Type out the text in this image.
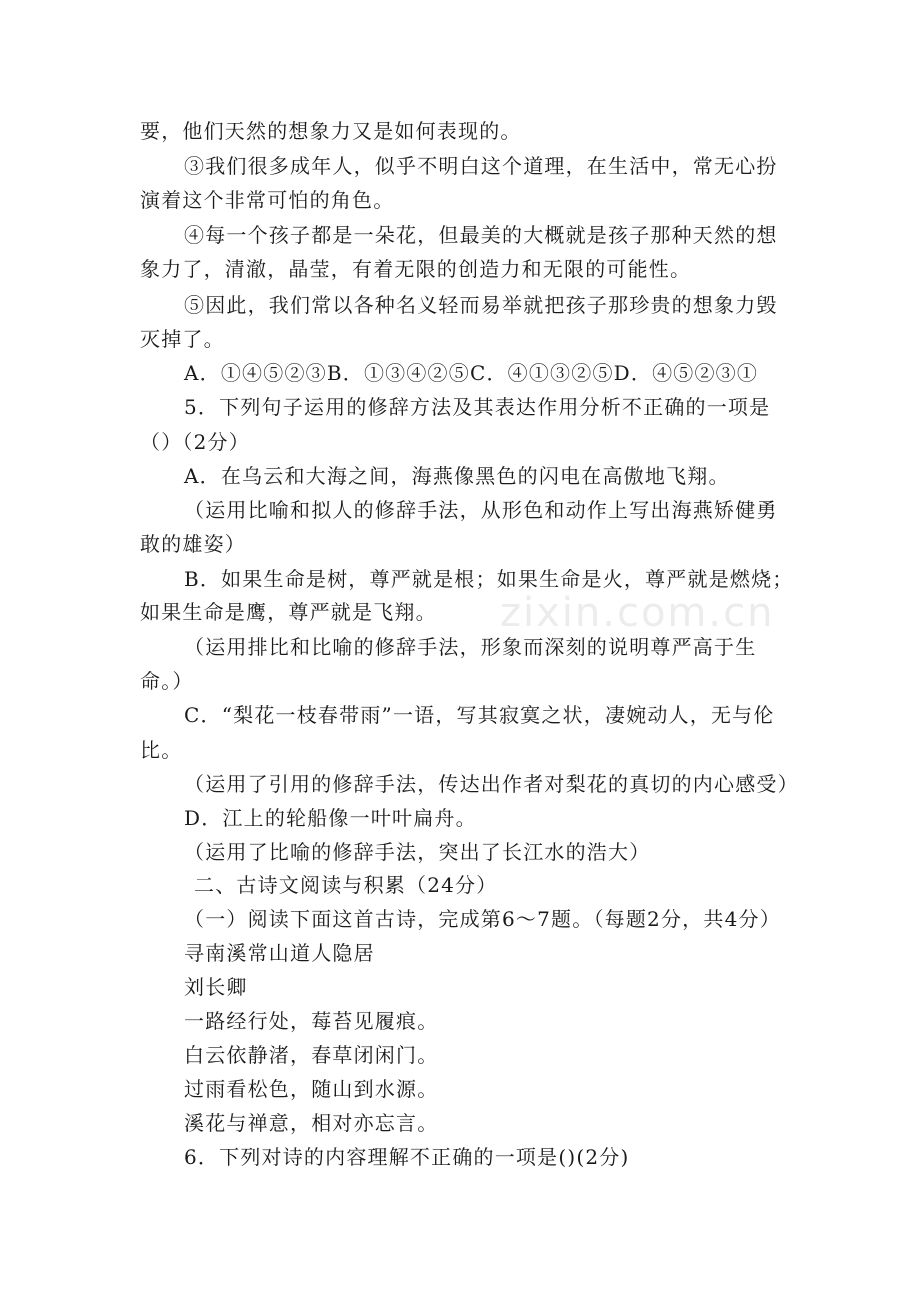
zixin.com.cn
要，他们天然的想象力又是如何表现的。
③我们很多成年人，似乎不明白这个道理，在生活中，常无心扮
演着这个非常可怕的角色。
④每一个孩子都是一朵花，但最美的大概就是孩子那种天然的想
象力了，清澈，晶莹，有着无限的创造力和无限的可能性。
⑤因此，我们常以各种名义轻而易举就把孩子那珍贵的想象力毁
灭掉了。
A．①④⑤②③B．①③④②⑤C．④①③②⑤D．④⑤②③①
5．下列句子运用的修辞方法及其表达作用分析不正确的一项是
（）（2分）
A．在乌云和大海之间，海燕像黑色的闪电在高傲地飞翔。
（运用比喻和拟人的修辞手法，从形色和动作上写出海燕矫健勇
敢的雄姿）
B．如果生命是树，尊严就是根；如果生命是火，尊严就是燃烧；
如果生命是鹰，尊严就是飞翔。
（运用排比和比喻的修辞手法，形象而深刻的说明尊严高于生
命。）
C．“梨花一枝春带雨”一语，写其寂寞之状，凄婉动人，无与伦
比。
（运用了引用的修辞手法，传达出作者对梨花的真切的内心感受）
D．江上的轮船像一叶叶扁舟。
（运用了比喻的修辞手法，突出了长江水的浩大）
二、古诗文阅读与积累（24分）
（一）阅读下面这首古诗，完成第6～7题。（每题2分，共4分）
寻南溪常山道人隐居
刘长卿
一路经行处，莓苔见履痕。
白云依静渚，春草闭闲门。
过雨看松色，随山到水源。
溪花与禅意，相对亦忘言。
6．下列对诗的内容理解不正确的一项是()(2分)
